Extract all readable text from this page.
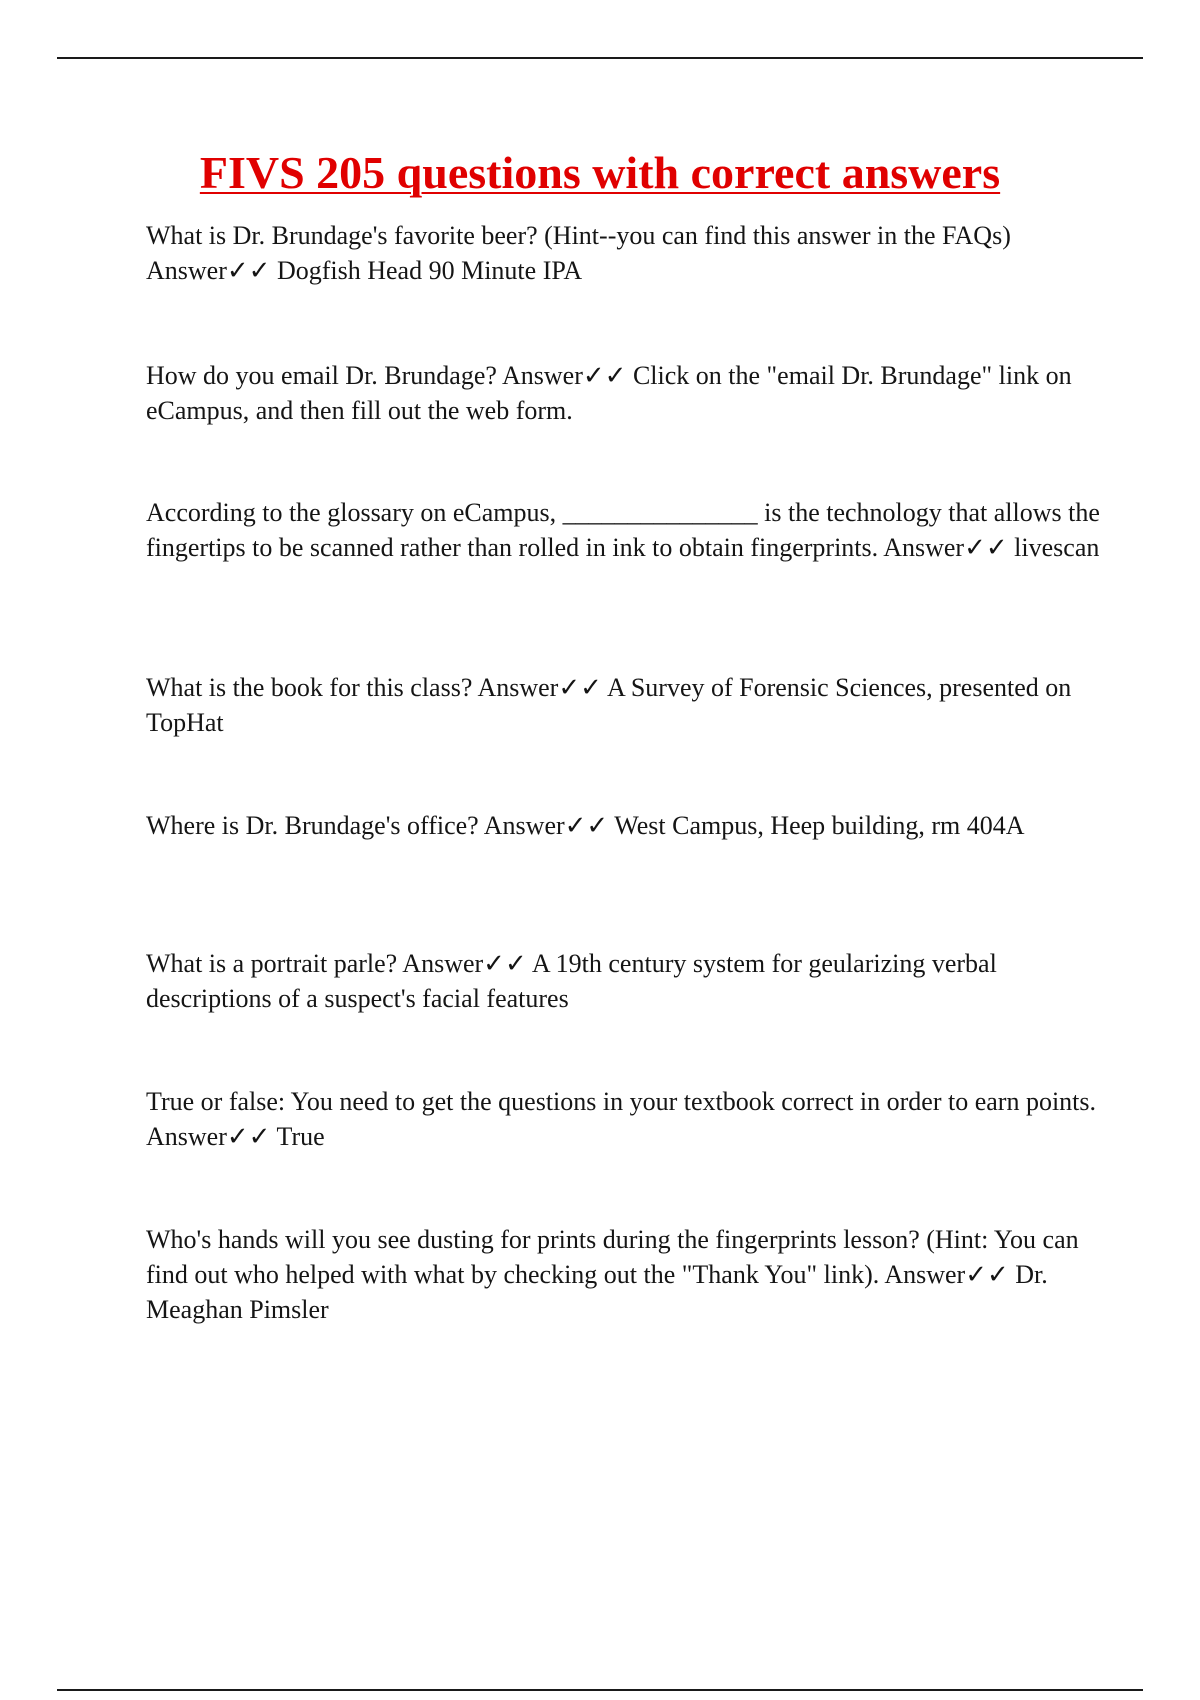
FIVS 205 questions with correct answers

What is Dr. Brundage's favorite beer? (Hint--you can find this answer in the FAQs) Answer✓✓ Dogfish Head 90 Minute IPA

How do you email Dr. Brundage? Answer✓✓ Click on the "email Dr. Brundage" link on eCampus, and then fill out the web form.

According to the glossary on eCampus, _______________ is the technology that allows the fingertips to be scanned rather than rolled in ink to obtain fingerprints. Answer✓✓ livescan

What is the book for this class? Answer✓✓ A Survey of Forensic Sciences, presented on TopHat

Where is Dr. Brundage's office? Answer✓✓ West Campus, Heep building, rm 404A

What is a portrait parle? Answer✓✓ A 19th century system for geularizing verbal descriptions of a suspect's facial features

True or false: You need to get the questions in your textbook correct in order to earn points. Answer✓✓ True

Who's hands will you see dusting for prints during the fingerprints lesson? (Hint: You can find out who helped with what by checking out the "Thank You" link). Answer✓✓ Dr. Meaghan Pimsler
